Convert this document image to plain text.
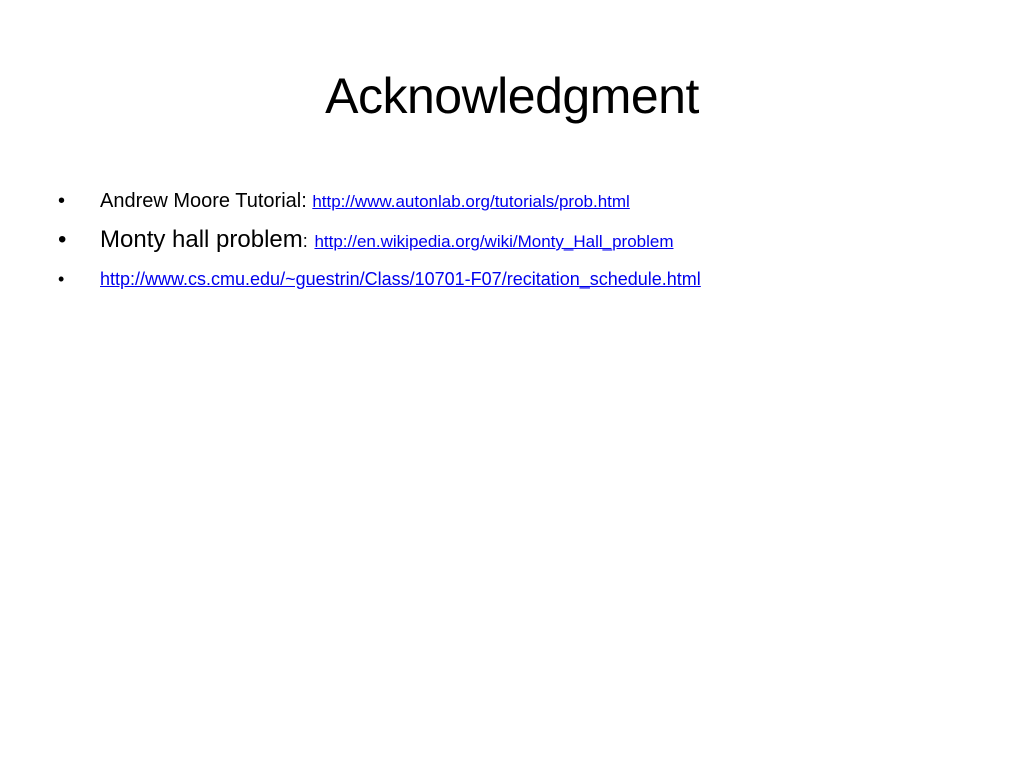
Acknowledgment
•	Andrew Moore Tutorial:
http://www.autonlab.org/tutorials/prob.html
•	Monty hall problem :
http://en.wikipedia.org/wiki/Monty_Hall_problem
•	http://www.cs.cmu.edu/~guestrin/Class/10701-F07/recitation_schedule.html
